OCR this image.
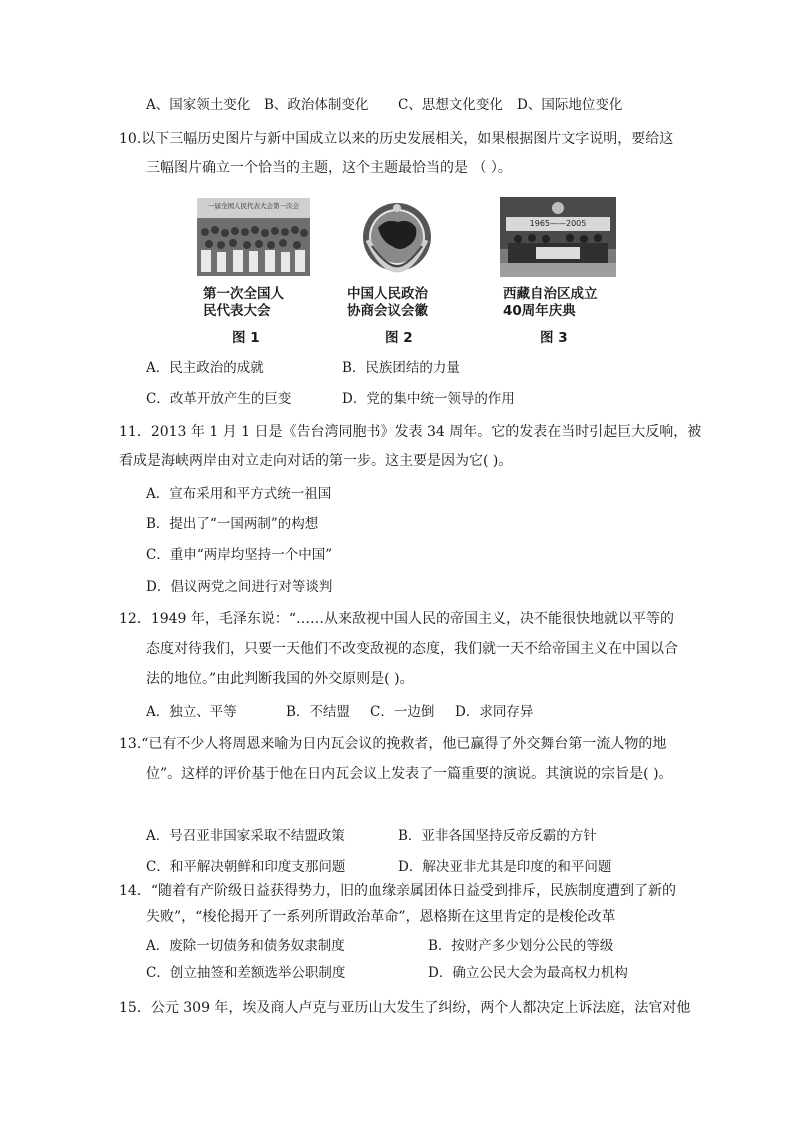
A、国家领土变化 B、政治体制变化 C、思想文化变化 D、国际地位变化
10.以下三幅历史图片与新中国成立以来的历史发展相关，如果根据图片文字说明，要给这
三幅图片确立一个恰当的主题，这个主题最恰当的是 （ ）。
一届全国人民代表大会第一次会
第一次全国人
民代表大会
图 1
中国人民政治
协商会议会徽
图 2
1965——2005
西藏自治区成立
40周年庆典
图 3
A．民主政治的成就	B．民族团结的力量
C．改革开放产生的巨变	D．党的集中统一领导的作用
11．2013 年 1 月 1 日是《告台湾同胞书》发表 34 周年。它的发表在当时引起巨大反响，被
看成是海峡两岸由对立走向对话的第一步。这主要是因为它( )。
A．宣布采用和平方式统一祖国
B．提出了“一国两制”的构想
C．重申“两岸均坚持一个中国”
D．倡议两党之间进行对等谈判
12．1949 年，毛泽东说：“……从来敌视中国人民的帝国主义，决不能很快地就以平等的
态度对待我们，只要一天他们不改变敌视的态度，我们就一天不给帝国主义在中国以合
法的地位。”由此判断我国的外交原则是( )。
A．独立、平等	B．不结盟 C．一边倒 D．求同存异
13.“已有不少人将周恩来喻为日内瓦会议的挽救者，他已赢得了外交舞台第一流人物的地
位”。这样的评价基于他在日内瓦会议上发表了一篇重要的演说。其演说的宗旨是( )。
A．号召亚非国家采取不结盟政策	B．亚非各国坚持反帝反霸的方针
C．和平解决朝鲜和印度支那问题	D．解决亚非尤其是印度的和平问题
14．“随着有产阶级日益获得势力，旧的血缘亲属团体日益受到排斥，民族制度遭到了新的
失败”，“梭伦揭开了一系列所谓政治革命”，恩格斯在这里肯定的是梭伦改革
A．废除一切债务和债务奴隶制度	B．按财产多少划分公民的等级
C．创立抽签和差额选举公职制度	D．确立公民大会为最高权力机构
15．公元 309 年，埃及商人卢克与亚历山大发生了纠纷，两个人都决定上诉法庭，法官对他
